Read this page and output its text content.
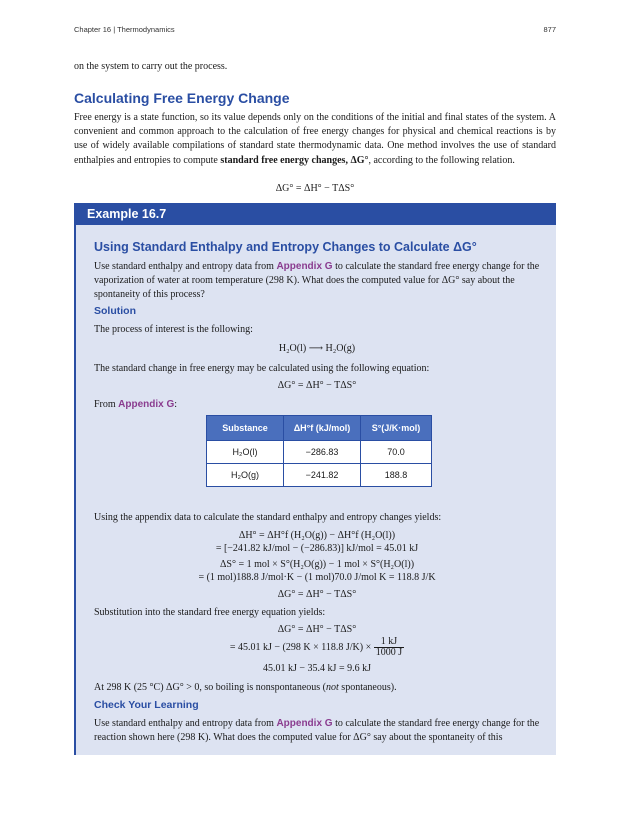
Chapter 16 | Thermodynamics	877
on the system to carry out the process.
Calculating Free Energy Change
Free energy is a state function, so its value depends only on the conditions of the initial and final states of the system. A convenient and common approach to the calculation of free energy changes for physical and chemical reactions is by use of widely available compilations of standard state thermodynamic data. One method involves the use of standard enthalpies and entropies to compute standard free energy changes, ΔG°, according to the following relation.
ΔG° = ΔH° − TΔS°
Example 16.7
Using Standard Enthalpy and Entropy Changes to Calculate ΔG°
Use standard enthalpy and entropy data from Appendix G to calculate the standard free energy change for the vaporization of water at room temperature (298 K). What does the computed value for ΔG° say about the spontaneity of this process?
Solution
The process of interest is the following:
H₂O(l) ⟶ H₂O(g)
The standard change in free energy may be calculated using the following equation:
ΔG° = ΔH° − TΔS°
From Appendix G:
Substance	ΔH°f (kJ/mol)	S°(J/K·mol)
H₂O(l)	−286.83	70.0
H₂O(g)	−241.82	188.8
Using the appendix data to calculate the standard enthalpy and entropy changes yields:
ΔH° = ΔH°f (H₂O(g)) − ΔH°f (H₂O(l))
= [−241.82 kJ/mol − (−286.83)] kJ/mol = 45.01 kJ
ΔS° = 1 mol × S°(H₂O(g)) − 1 mol × S°(H₂O(l))
= (1 mol)188.8 J/mol·K − (1 mol)70.0 J/mol K = 118.8 J/K
ΔG° = ΔH° − TΔS°
Substitution into the standard free energy equation yields:
ΔG° = ΔH° − TΔS°
= 45.01 kJ − (298 K × 118.8 $J/K) \times \frac{1 kJ}{1000 J}$
45.01 kJ − 35.4 kJ = 9.6 kJ
At 298 K (25 °C) ΔG° > 0, so boiling is nonspontaneous (not spontaneous).
Check Your Learning
Use standard enthalpy and entropy data from Appendix G to calculate the standard free energy change for the reaction shown here (298 K). What does the computed value for ΔG° say about the spontaneity of this
